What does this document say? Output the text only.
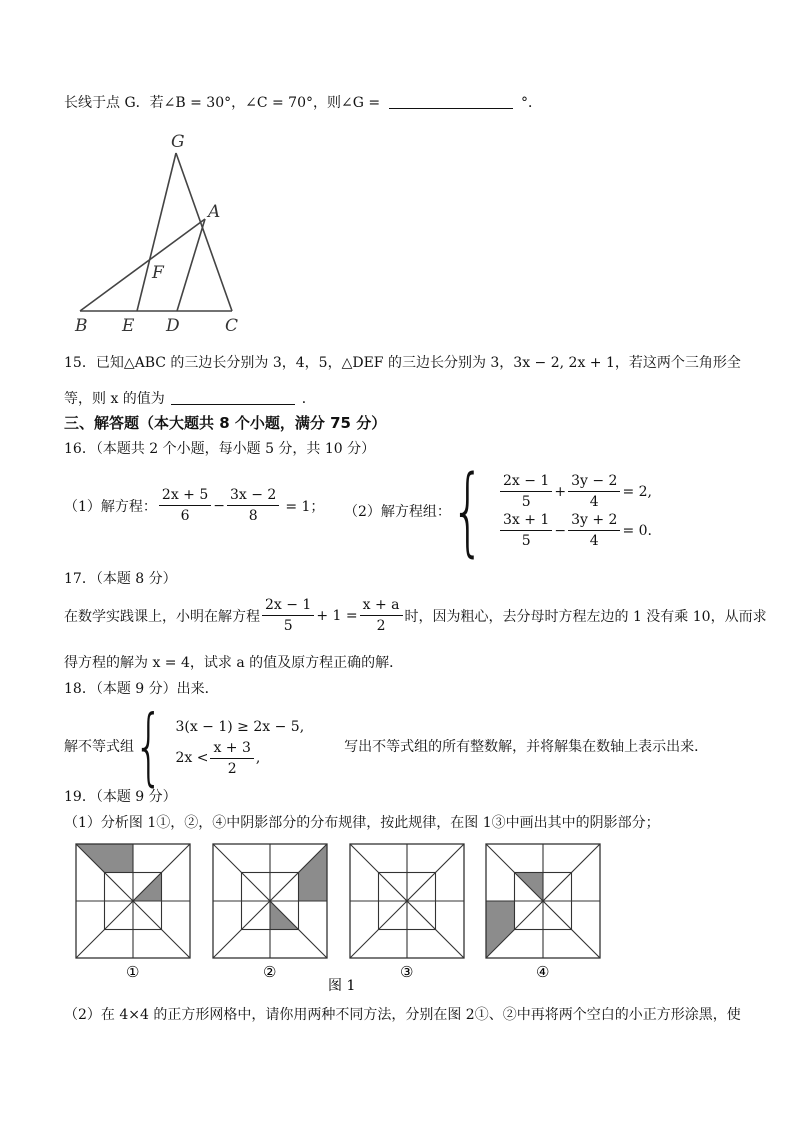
长线于点 G．若∠B = 30°，∠C = 70°，则∠G =	°．
G
A
F
B E D	C
15．已知△ABC 的三边长分别为 3，4，5，△DEF 的三边长分别为 3，3x − 2, 2x + 1，若这两个三角形全
等，则 x 的值为	．
三、解答题（本大题共 8 个小题，满分 75 分）
16．（本题共 2 个小题，每小题 5 分，共 10 分）
（1）解方程： $\frac{2x + 5}{6} - \frac{3x - 2}{8} = 1$； （2）解方程组： { $\frac{2x - 1}{5} + \frac{3y - 2}{4} = 2$,
$\frac{3x + 1}{5} - \frac{3y + 2}{4} = 0$.
17．（本题 8 分）
在数学实践课上，小明在解方程 $\frac{2x - 1}{5} + 1 = \frac{x + a}{2}$ 时，因为粗心，去分母时方程左边的 1 没有乘 10，从而求
得方程的解为 x = 4，试求 a 的值及原方程正确的解．
18．（本题 9 分）出来．
解不等式组 { 3(x − 1) ≥ 2x − 5,
$2x < \frac{x + 3}{2}$ ,
写出不等式组的所有整数解，并将解集在数轴上表示出来．
19．（本题 9 分）
（1）分析图 1①，②，④中阴影部分的分布规律，按此规律，在图 1③中画出其中的阴影部分；
①	②	③	④
图 1
（2）在 4×4 的正方形网格中，请你用两种不同方法，分别在图 2①、②中再将两个空白的小正方形涂黑，使
